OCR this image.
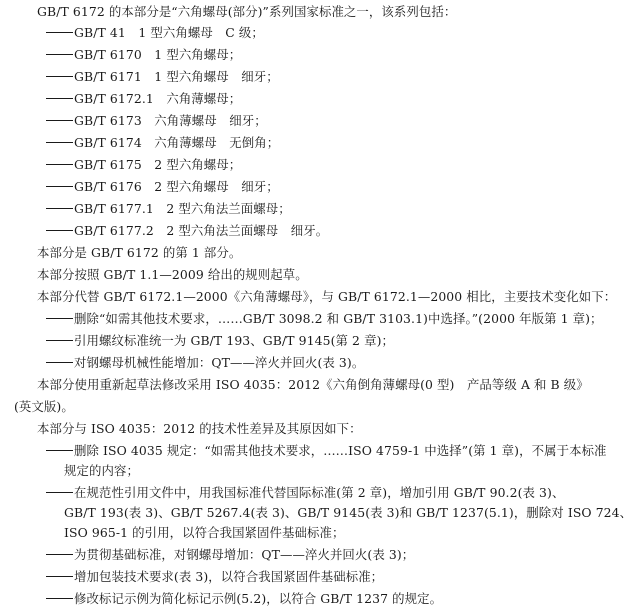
GB/T 6172 的本部分是“六角螺母(部分)”系列国家标准之一，该系列包括：
GB/T 41　1 型六角螺母　C 级；
GB/T 6170　1 型六角螺母；
GB/T 6171　1 型六角螺母　细牙；
GB/T 6172.1　六角薄螺母；
GB/T 6173　六角薄螺母　细牙；
GB/T 6174　六角薄螺母　无倒角；
GB/T 6175　2 型六角螺母；
GB/T 6176　2 型六角螺母　细牙；
GB/T 6177.1　2 型六角法兰面螺母；
GB/T 6177.2　2 型六角法兰面螺母　细牙。
本部分是 GB/T 6172 的第 1 部分。
本部分按照 GB/T 1.1—2009 给出的规则起草。
本部分代替 GB/T 6172.1—2000《六角薄螺母》，与 GB/T 6172.1—2000 相比，主要技术变化如下：
删除“如需其他技术要求，……GB/T 3098.2 和 GB/T 3103.1)中选择。”(2000 年版第 1 章)；
引用螺纹标准统一为 GB/T 193、GB/T 9145(第 2 章)；
对钢螺母机械性能增加：QT——淬火并回火(表 3)。
本部分使用重新起草法修改采用 ISO 4035：2012《六角倒角薄螺母(0 型)　产品等级 A 和 B 级》
(英文版)。
本部分与 ISO 4035：2012 的技术性差异及其原因如下：
删除 ISO 4035 规定：“如需其他技术要求，……ISO 4759-1 中选择”(第 1 章)，不属于本标准
规定的内容；
在规范性引用文件中，用我国标准代替国际标准(第 2 章)，增加引用 GB/T 90.2(表 3)、
GB/T 193(表 3)、GB/T 5267.4(表 3)、GB/T 9145(表 3)和 GB/T 1237(5.1)，删除对 ISO 724、
ISO 965-1 的引用，以符合我国紧固件基础标准；
为贯彻基础标准，对钢螺母增加：QT——淬火并回火(表 3)；
增加包装技术要求(表 3)，以符合我国紧固件基础标准；
修改标记示例为简化标记示例(5.2)，以符合 GB/T 1237 的规定。
